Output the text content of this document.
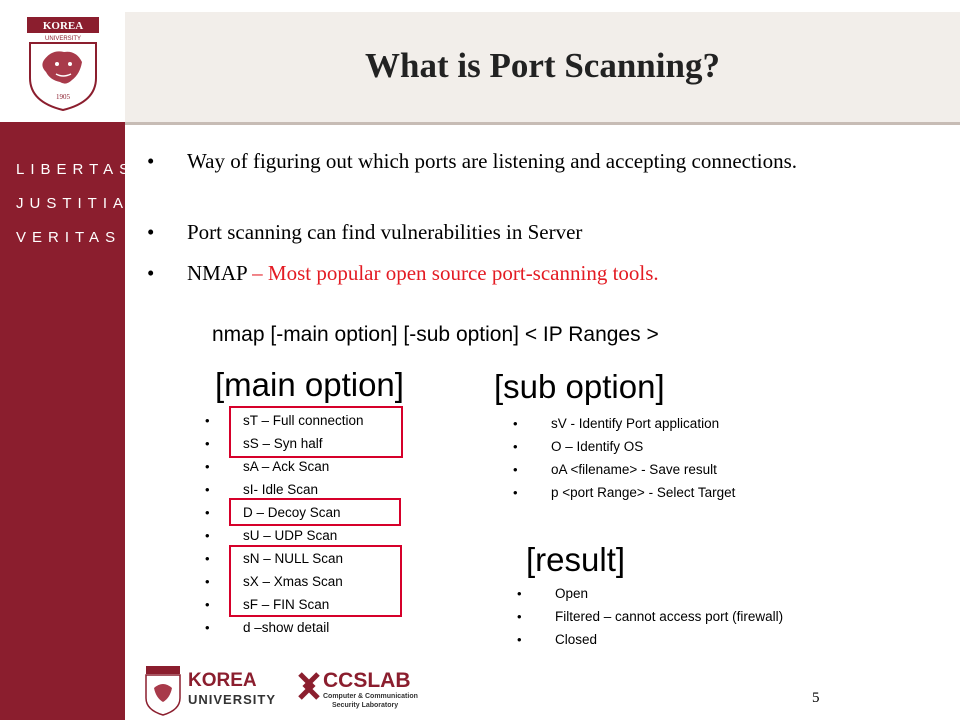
KOREA
UNIVERSITY
1905
LIBERTAS
JUSTITIA
VERITAS
What is Port Scanning?
• Way of figuring out which ports are listening and accepting connections.
• Port scanning can find vulnerabilities in Server
• NMAP – Most popular open source port-scanning tools.
nmap [-main option] [-sub option] < IP Ranges >
[main option]	[sub option]
[result]
• sT – Full connection
• sS – Syn half
• sA – Ack Scan
• sI- Idle Scan
• D – Decoy Scan
• sU – UDP Scan
• sN – NULL Scan
• sX – Xmas Scan
• sF – FIN Scan
• d –show detail
• sV - Identify Port application
• O – Identify OS
• oA <filename> - Save result
• p <port Range> - Select Target
• Open
• Filtered – cannot access port (firewall)
• Closed
KOREA
UNIVERSITY
CCSLAB
Computer & Communication
Security Laboratory	5
